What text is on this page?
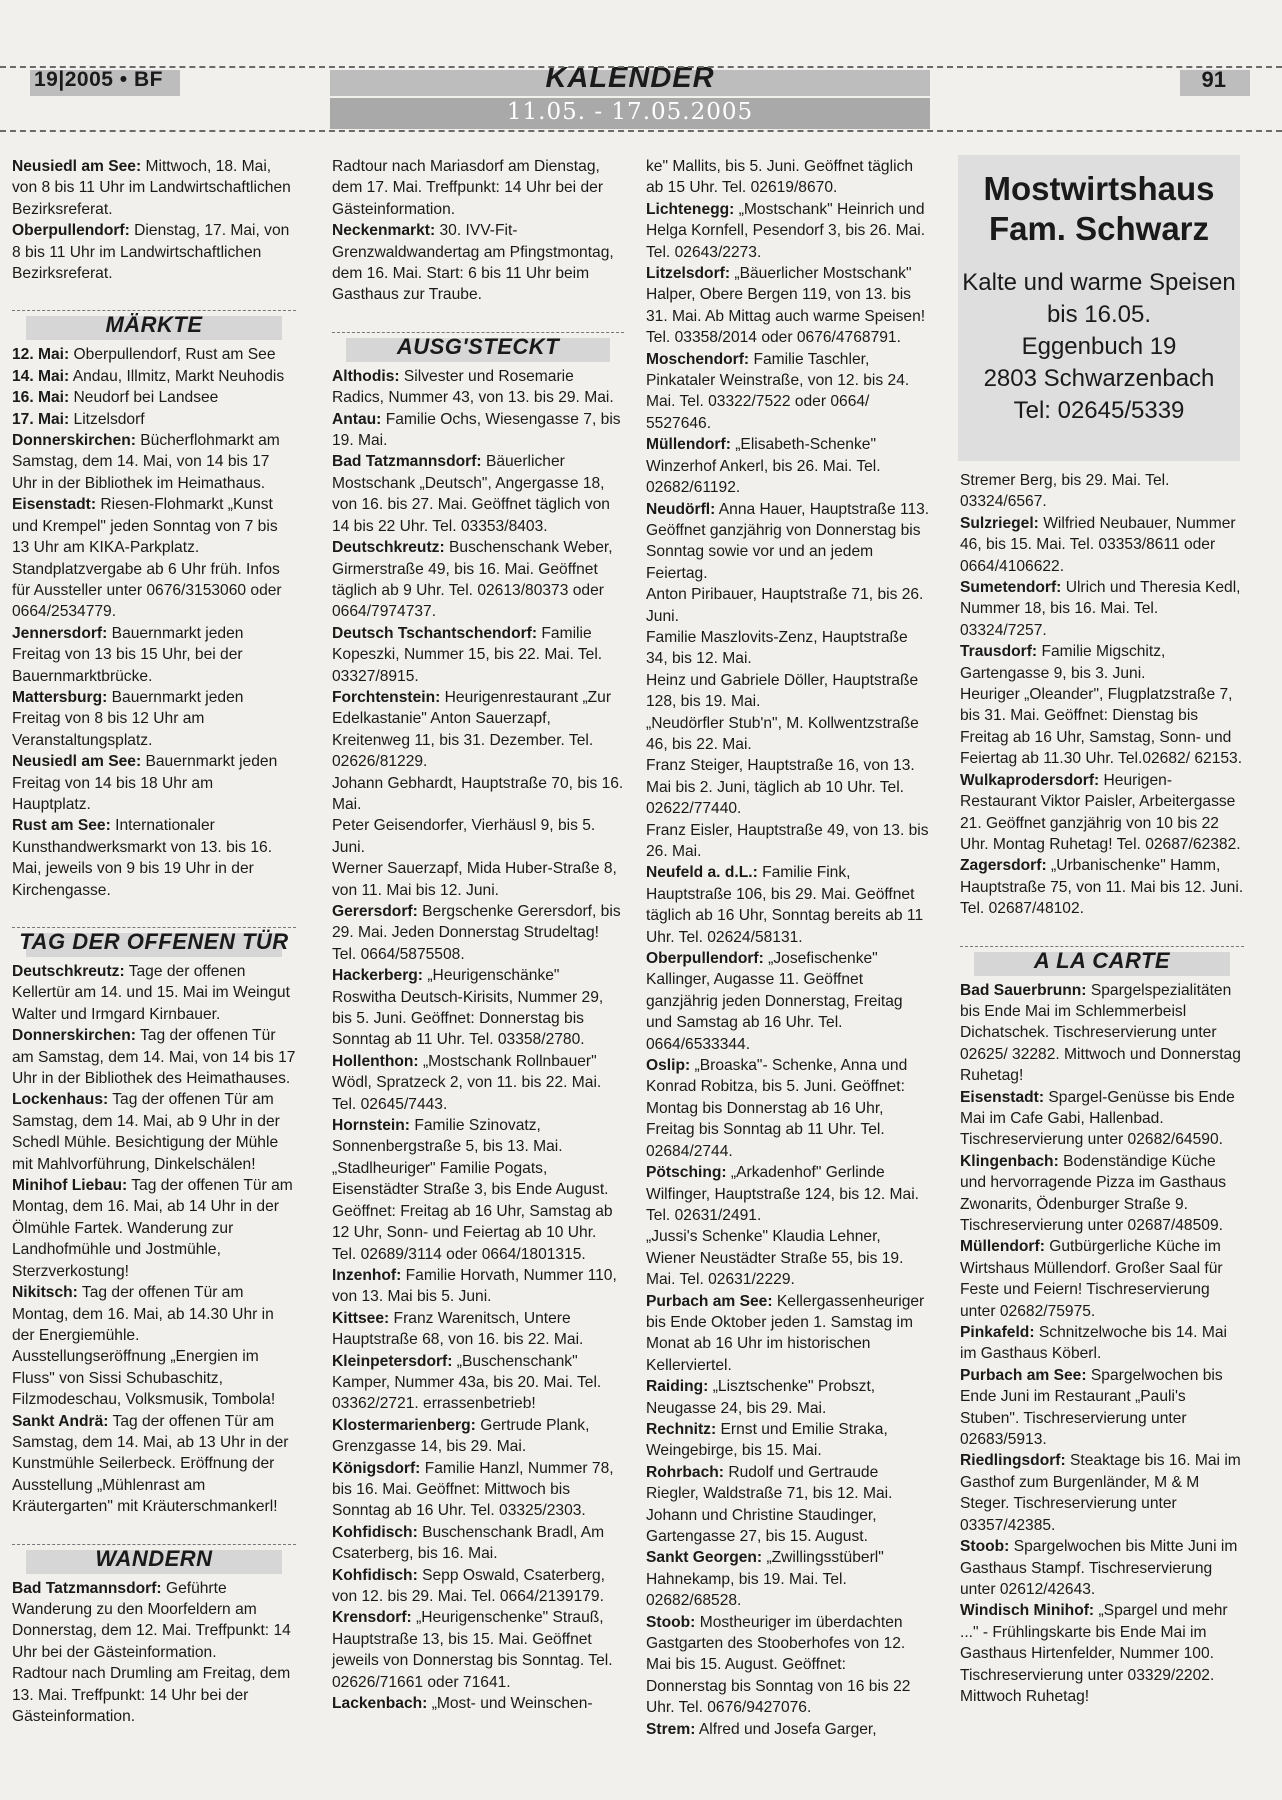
19|2005 • BF	KALENDER
11.05. - 17.05.2005
91

Neusiedl am See: Mittwoch, 18. Mai, von 8 bis 11 Uhr im Landwirtschaftlichen Bezirksreferat.

Oberpullendorf: Dienstag, 17. Mai, von 8 bis 11 Uhr im Landwirtschaftlichen Bezirksreferat.

MÄRKTE

12. Mai: Oberpullendorf, Rust am See

14. Mai: Andau, Illmitz, Markt Neuhodis

16. Mai: Neudorf bei Landsee

17. Mai: Litzelsdorf

Donnerskirchen: Bücherflohmarkt am Samstag, dem 14. Mai, von 14 bis 17 Uhr in der Bibliothek im Heimathaus.

Eisenstadt: Riesen-Flohmarkt „Kunst und Krempel" jeden Sonntag von 7 bis 13 Uhr am KIKA-Parkplatz. Standplatzvergabe ab 6 Uhr früh. Infos für Aussteller unter 0676/3153060 oder 0664/2534779.

Jennersdorf: Bauernmarkt jeden Freitag von 13 bis 15 Uhr, bei der Bauernmarktbrücke.

Mattersburg: Bauernmarkt jeden Freitag von 8 bis 12 Uhr am Veranstaltungsplatz.

Neusiedl am See: Bauernmarkt jeden Freitag von 14 bis 18 Uhr am Hauptplatz.

Rust am See: Internationaler Kunsthandwerksmarkt von 13. bis 16. Mai, jeweils von 9 bis 19 Uhr in der Kirchengasse.

TAG DER OFFENEN TÜR

Deutschkreutz: Tage der offenen Kellertür am 14. und 15. Mai im Weingut Walter und Irmgard Kirnbauer.

Donnerskirchen: Tag der offenen Tür am Samstag, dem 14. Mai, von 14 bis 17 Uhr in der Bibliothek des Heimathauses.

Lockenhaus: Tag der offenen Tür am Samstag, dem 14. Mai, ab 9 Uhr in der Schedl Mühle. Besichtigung der Mühle mit Mahlvorführung, Dinkelschälen!

Minihof Liebau: Tag der offenen Tür am Montag, dem 16. Mai, ab 14 Uhr in der Ölmühle Fartek. Wanderung zur Landhofmühle und Jostmühle, Sterzverkostung!

Nikitsch: Tag der offenen Tür am Montag, dem 16. Mai, ab 14.30 Uhr in der Energiemühle. Ausstellungseröffnung „Energien im Fluss" von Sissi Schubaschitz, Filzmodeschau, Volksmusik, Tombola!

Sankt Andrä: Tag der offenen Tür am Samstag, dem 14. Mai, ab 13 Uhr in der Kunstmühle Seilerbeck. Eröffnung der Ausstellung „Mühlenrast am Kräutergarten" mit Kräuterschmankerl!

WANDERN

Bad Tatzmannsdorf: Geführte Wanderung zu den Moorfeldern am Donnerstag, dem 12. Mai. Treffpunkt: 14 Uhr bei der Gästeinformation.

Radtour nach Drumling am Freitag, dem 13. Mai. Treffpunkt: 14 Uhr bei der Gästeinformation.

Radtour nach Mariasdorf am Dienstag, dem 17. Mai. Treffpunkt: 14 Uhr bei der Gästeinformation.

Neckenmarkt: 30. IVV-Fit-Grenzwaldwandertag am Pfingstmontag, dem 16. Mai. Start: 6 bis 11 Uhr beim Gasthaus zur Traube.

AUSG'STECKT

Althodis: Silvester und Rosemarie Radics, Nummer 43, von 13. bis 29. Mai.

Antau: Familie Ochs, Wiesengasse 7, bis 19. Mai.

Bad Tatzmannsdorf: Bäuerlicher Mostschank „Deutsch", Angergasse 18, von 16. bis 27. Mai. Geöffnet täglich von 14 bis 22 Uhr. Tel. 03353/8403.

Deutschkreutz: Buschenschank Weber, Girmerstraße 49, bis 16. Mai. Geöffnet täglich ab 9 Uhr. Tel. 02613/80373 oder 0664/7974737.

Deutsch Tschantschendorf: Familie Kopeszki, Nummer 15, bis 22. Mai. Tel. 03327/8915.

Forchtenstein: Heurigenrestaurant „Zur Edelkastanie" Anton Sauerzapf, Kreitenweg 11, bis 31. Dezember. Tel. 02626/81229.

Johann Gebhardt, Hauptstraße 70, bis 16. Mai.

Peter Geisendorfer, Vierhäusl 9, bis 5. Juni.

Werner Sauerzapf, Mida Huber-Straße 8, von 11. Mai bis 12. Juni.

Gerersdorf: Bergschenke Gerersdorf, bis 29. Mai. Jeden Donnerstag Strudeltag! Tel. 0664/5875508.

Hackerberg: „Heurigenschänke" Roswitha Deutsch-Kirisits, Nummer 29, bis 5. Juni. Geöffnet: Donnerstag bis Sonntag ab 11 Uhr. Tel. 03358/2780.

Hollenthon: „Mostschank Rollnbauer" Wödl, Spratzeck 2, von 11. bis 22. Mai. Tel. 02645/7443.

Hornstein: Familie Szinovatz, Sonnenbergstraße 5, bis 13. Mai.

„Stadlheuriger" Familie Pogats, Eisenstädter Straße 3, bis Ende August. Geöffnet: Freitag ab 16 Uhr, Samstag ab 12 Uhr, Sonn- und Feiertag ab 10 Uhr. Tel. 02689/3114 oder 0664/1801315.

Inzenhof: Familie Horvath, Nummer 110, von 13. Mai bis 5. Juni.

Kittsee: Franz Warenitsch, Untere Hauptstraße 68, von 16. bis 22. Mai.

Kleinpetersdorf: „Buschenschank" Kamper, Nummer 43a, bis 20. Mai. Tel. 03362/2721. errassenbetrieb!

Klostermarienberg: Gertrude Plank, Grenzgasse 14, bis 29. Mai.

Königsdorf: Familie Hanzl, Nummer 78, bis 16. Mai. Geöffnet: Mittwoch bis Sonntag ab 16 Uhr. Tel. 03325/2303.

Kohfidisch: Buschenschank Bradl, Am Csaterberg, bis 16. Mai.

Kohfidisch: Sepp Oswald, Csaterberg, von 12. bis 29. Mai. Tel. 0664/2139179.

Krensdorf: „Heurigenschenke" Strauß, Hauptstraße 13, bis 15. Mai. Geöffnet jeweils von Donnerstag bis Sonntag. Tel. 02626/71661 oder 71641.

Lackenbach: „Most- und Weinschen-

ke" Mallits, bis 5. Juni. Geöffnet täglich ab 15 Uhr. Tel. 02619/8670.

Lichtenegg: „Mostschank" Heinrich und Helga Kornfell, Pesendorf 3, bis 26. Mai. Tel. 02643/2273.

Litzelsdorf: „Bäuerlicher Mostschank" Halper, Obere Bergen 119, von 13. bis 31. Mai. Ab Mittag auch warme Speisen! Tel. 03358/2014 oder 0676/4768791.

Moschendorf: Familie Taschler, Pinkataler Weinstraße, von 12. bis 24. Mai. Tel. 03322/7522 oder 0664/ 5527646.

Müllendorf: „Elisabeth-Schenke" Winzerhof Ankerl, bis 26. Mai. Tel. 02682/61192.

Neudörfl: Anna Hauer, Hauptstraße 113. Geöffnet ganzjährig von Donnerstag bis Sonntag sowie vor und an jedem Feiertag.

Anton Piribauer, Hauptstraße 71, bis 26. Juni.

Familie Maszlovits-Zenz, Hauptstraße 34, bis 12. Mai.

Heinz und Gabriele Döller, Hauptstraße 128, bis 19. Mai.

„Neudörfler Stub'n", M. Kollwentzstraße 46, bis 22. Mai.

Franz Steiger, Hauptstraße 16, von 13. Mai bis 2. Juni, täglich ab 10 Uhr. Tel. 02622/77440.

Franz Eisler, Hauptstraße 49, von 13. bis 26. Mai.

Neufeld a. d.L.: Familie Fink, Hauptstraße 106, bis 29. Mai. Geöffnet täglich ab 16 Uhr, Sonntag bereits ab 11 Uhr. Tel. 02624/58131.

Oberpullendorf: „Josefischenke" Kallinger, Augasse 11. Geöffnet ganzjährig jeden Donnerstag, Freitag und Samstag ab 16 Uhr. Tel. 0664/6533344.

Oslip: „Broaska"- Schenke, Anna und Konrad Robitza, bis 5. Juni. Geöffnet: Montag bis Donnerstag ab 16 Uhr, Freitag bis Sonntag ab 11 Uhr. Tel. 02684/2744.

Pötsching: „Arkadenhof" Gerlinde Wilfinger, Hauptstraße 124, bis 12. Mai. Tel. 02631/2491.

„Jussi's Schenke" Klaudia Lehner, Wiener Neustädter Straße 55, bis 19. Mai. Tel. 02631/2229.

Purbach am See: Kellergassenheuriger bis Ende Oktober jeden 1. Samstag im Monat ab 16 Uhr im historischen Kellerviertel.

Raiding: „Lisztschenke" Probszt, Neugasse 24, bis 29. Mai.

Rechnitz: Ernst und Emilie Straka, Weingebirge, bis 15. Mai.

Rohrbach: Rudolf und Gertraude Riegler, Waldstraße 71, bis 12. Mai.

Johann und Christine Staudinger, Gartengasse 27, bis 15. August.

Sankt Georgen: „Zwillingsstüberl" Hahnekamp, bis 19. Mai. Tel. 02682/68528.

Stoob: Mostheuriger im überdachten Gastgarten des Stooberhofes von 12. Mai bis 15. August. Geöffnet: Donnerstag bis Sonntag von 16 bis 22 Uhr. Tel. 0676/9427076.

Strem: Alfred und Josefa Garger,

Mostwirtshaus
Fam. Schwarz
Kalte und warme Speisen
bis 16.05.
Eggenbuch 19
2803 Schwarzenbach
Tel: 02645/5339

Stremer Berg, bis 29. Mai. Tel. 03324/6567.

Sulzriegel: Wilfried Neubauer, Nummer 46, bis 15. Mai. Tel. 03353/8611 oder 0664/4106622.

Sumetendorf: Ulrich und Theresia Kedl, Nummer 18, bis 16. Mai. Tel. 03324/7257.

Trausdorf: Familie Migschitz, Gartengasse 9, bis 3. Juni.

Heuriger „Oleander", Flugplatzstraße 7, bis 31. Mai. Geöffnet: Dienstag bis Freitag ab 16 Uhr, Samstag, Sonn- und Feiertag ab 11.30 Uhr. Tel.02682/ 62153.

Wulkaprodersdorf: Heurigen-Restaurant Viktor Paisler, Arbeitergasse 21. Geöffnet ganzjährig von 10 bis 22 Uhr. Montag Ruhetag! Tel. 02687/62382.

Zagersdorf: „Urbanischenke" Hamm, Hauptstraße 75, von 11. Mai bis 12. Juni. Tel. 02687/48102.

A LA CARTE

Bad Sauerbrunn: Spargelspezialitäten bis Ende Mai im Schlemmerbeisl Dichatschek. Tischreservierung unter 02625/ 32282. Mittwoch und Donnerstag Ruhetag!

Eisenstadt: Spargel-Genüsse bis Ende Mai im Cafe Gabi, Hallenbad. Tischreservierung unter 02682/64590.

Klingenbach: Bodenständige Küche und hervorragende Pizza im Gasthaus Zwonarits, Ödenburger Straße 9. Tischreservierung unter 02687/48509.

Müllendorf: Gutbürgerliche Küche im Wirtshaus Müllendorf. Großer Saal für Feste und Feiern! Tischreservierung unter 02682/75975.

Pinkafeld: Schnitzelwoche bis 14. Mai im Gasthaus Köberl.

Purbach am See: Spargelwochen bis Ende Juni im Restaurant „Pauli's Stuben". Tischreservierung unter 02683/5913.

Riedlingsdorf: Steaktage bis 16. Mai im Gasthof zum Burgenländer, M & M Steger. Tischreservierung unter 03357/42385.

Stoob: Spargelwochen bis Mitte Juni im Gasthaus Stampf. Tischreservierung unter 02612/42643.

Windisch Minihof: „Spargel und mehr ..." - Frühlingskarte bis Ende Mai im Gasthaus Hirtenfelder, Nummer 100. Tischreservierung unter 03329/2202. Mittwoch Ruhetag!
